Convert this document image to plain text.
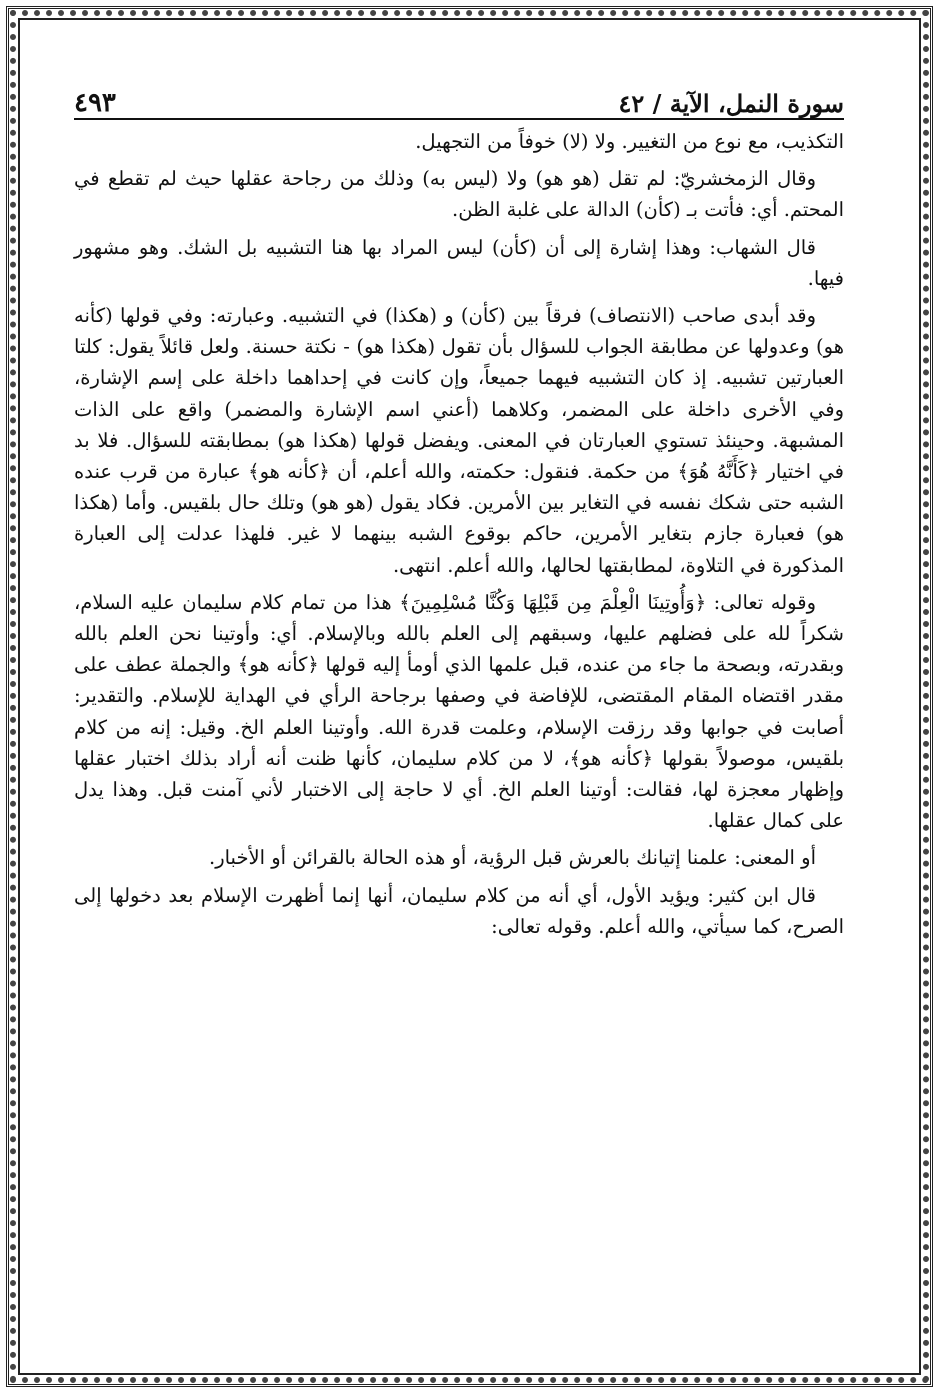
سورة النمل، الآية / ٤٢
٤٩٣

التكذيب، مع نوع من التغيير. ولا (لا) خوفاً من التجهيل.

وقال الزمخشريّ: لم تقل (هو هو) ولا (ليس به) وذلك من رجاحة عقلها حيث لم تقطع في المحتم. أي: فأتت بـ (كأن) الدالة على غلبة الظن.

قال الشهاب: وهذا إشارة إلى أن (كأن) ليس المراد بها هنا التشبيه بل الشك. وهو مشهور فيها.

وقد أبدى صاحب (الانتصاف) فرقاً بين (كأن) و (هكذا) في التشبيه. وعبارته: وفي قولها (كأنه هو) وعدولها عن مطابقة الجواب للسؤال بأن تقول (هكذا هو) - نكتة حسنة. ولعل قائلاً يقول: كلتا العبارتين تشبيه. إذ كان التشبيه فيهما جميعاً، وإن كانت في إحداهما داخلة على إسم الإشارة، وفي الأخرى داخلة على المضمر، وكلاهما (أعني اسم الإشارة والمضمر) واقع على الذات المشبهة. وحينئذ تستوي العبارتان في المعنى. ويفضل قولها (هكذا هو) بمطابقته للسؤال. فلا بد في اختيار ﴿كَأَنَّهُ هُوَ﴾ من حكمة. فنقول: حكمته، والله أعلم، أن ﴿كأنه هو﴾ عبارة من قرب عنده الشبه حتى شكك نفسه في التغاير بين الأمرين. فكاد يقول (هو هو) وتلك حال بلقيس. وأما (هكذا هو) فعبارة جازم بتغاير الأمرين، حاكم بوقوع الشبه بينهما لا غير. فلهذا عدلت إلى العبارة المذكورة في التلاوة، لمطابقتها لحالها، والله أعلم. انتهى.

وقوله تعالى: ﴿وَأُوتِينَا الْعِلْمَ مِن قَبْلِهَا وَكُنَّا مُسْلِمِينَ﴾ هذا من تمام كلام سليمان عليه السلام، شكراً لله على فضلهم عليها، وسبقهم إلى العلم بالله وبالإسلام. أي: وأوتينا نحن العلم بالله وبقدرته، وبصحة ما جاء من عنده، قبل علمها الذي أومأ إليه قولها ﴿كأنه هو﴾ والجملة عطف على مقدر اقتضاه المقام المقتضى، للإفاضة في وصفها برجاحة الرأي في الهداية للإسلام. والتقدير: أصابت في جوابها وقد رزقت الإسلام، وعلمت قدرة الله. وأوتينا العلم الخ. وقيل: إنه من كلام بلقيس، موصولاً بقولها ﴿كأنه هو﴾، لا من كلام سليمان، كأنها ظنت أنه أراد بذلك اختبار عقلها وإظهار معجزة لها، فقالت: أوتينا العلم الخ. أي لا حاجة إلى الاختبار لأني آمنت قبل. وهذا يدل على كمال عقلها.

أو المعنى: علمنا إتيانك بالعرش قبل الرؤية، أو هذه الحالة بالقرائن أو الأخبار.

قال ابن كثير: ويؤيد الأول، أي أنه من كلام سليمان، أنها إنما أظهرت الإسلام بعد دخولها إلى الصرح، كما سيأتي، والله أعلم. وقوله تعالى:
